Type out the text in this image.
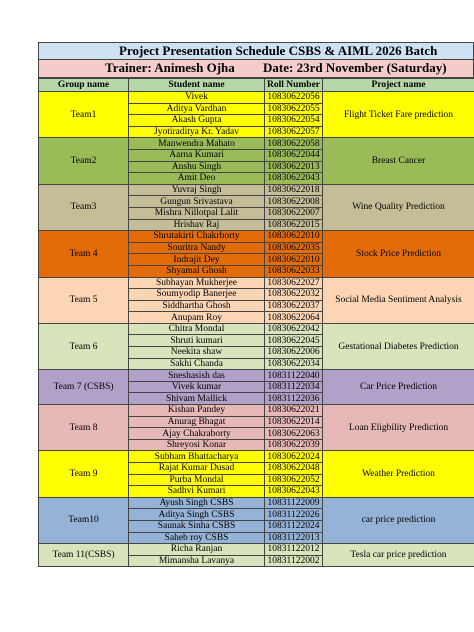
Project Presentation Schedule CSBS & AIML 2026 Batch
Trainer: Animesh Ojha Date: 23rd November (Saturday)
Group name	Student name	Roll Number	Project name
Team1	Vivek	10830622056	Flight Ticket Fare prediction
	Aditya Vardhan	10830622055	
	Akash Gupta	10830622054	
	Jyotiraditya Kr. Yadav	10830622057	
Team2	Manwendra Mahato	10830622058	Breast Cancer
	Aarna Kumari	10830622044	
	Anshu Singh	10830622013	
	Amit Deo	10830622043	
Team3	Yuvraj Singh	10830622018	Wine Quality Prediction
	Gungun Srivastava	10830622008	
	Mishra Nillotpal Lalit	10830622007	
	Hrishav Raj	10830622015	
Team 4	Shrutakirti Chakrborty	10830622010	Stock Price Prediction
	Souritra Nandy	10830622035	
	Indrajit Dey	10830622010	
	Shyamal Ghosh	10830622033	
Team 5	Subhayan Mukherjee	10830622027	Social Media Sentiment Analysis
	Soumyodip Banerjee	10830622032	
	Siddhartha Ghosh	10830622037	
	Anupam Roy	10830622064	
Team 6	Chitra Mondal	10830622042	Gestational Diabetes Prediction
	Shruti kumari	10830622045	
	Neekita shaw	10830622006	
	Sakhi Chanda	10830622034	
Team 7 (CSBS)	Sneshasish das	10831122040	Car Price Prediction
	Vivek kumar	10831122034	
	Shivam Mallick	10831122036	
Team 8	Kishan Pandey	10830622021	Loan Eligbility Prediction
	Anurag Bhagat	10830622014	
	Ajay Chakraborty	10830622063	
	Shreyosi Konar	10830622039	
Team 9	Subham Bhattacharya	10830622024	Weather Prediction
	Rajat Kumar Dusad	10830622048	
	Purba Mondal	10830622052	
	Sadhvi Kumari	10830622043	
Team10	Ayush Singh CSBS	10831122009	car price prediction
	Aditya Singh CSBS	10831122026	
	Saunak Sinha CSBS	10831122024	
	Saheb roy CSBS	10831122013	
Team 11(CSBS)	Richa Ranjan	10831122012	Tesla car price prediction
	Mimansha Lavanya	10831122002	
